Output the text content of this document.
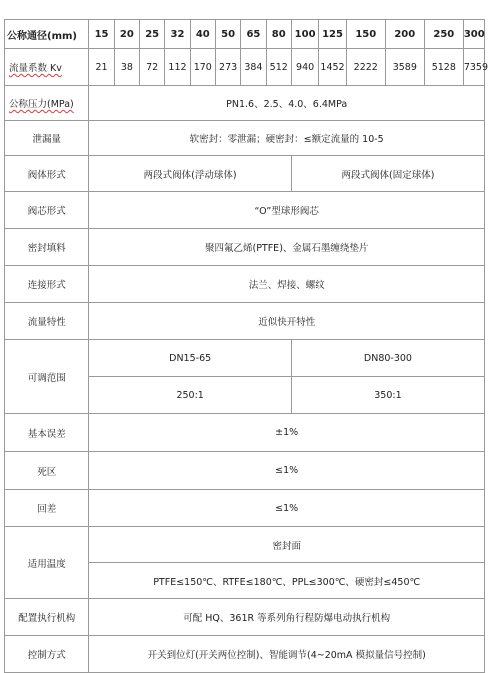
公称通径(mm)	15	20	25	32	40	50	65	80	100	125	150	200	250	300
流量系数 Kv	21	38	72	112	170	273	384	512	940	1452	2222	3589	5128	7359
公称压力(MPa)	PN1.6、2.5、4.0、6.4MPa													
泄漏量	软密封：零泄漏；硬密封：≤额定流量的 10-5													
阀体形式	两段式阀体(浮动球体)								两段式阀体(固定球体)					
阀芯形式	“O”型球形阀芯													
密封填料	聚四氟乙烯(PTFE)、金属石墨缠绕垫片													
连接形式	法兰、焊接、螺纹													
流量特性	近似快开特性													
可调范围	DN15-65								DN80-300					
	250:1								350:1					
基本误差	±1%													
死区	≤1%													
回差	≤1%													
适用温度	密封面													
	PTFE≤150℃、RTFE≤180℃、PPL≤300℃、硬密封≤450℃													
配置执行机构	可配 HQ、361R 等系列角行程防爆电动执行机构													
控制方式	开关到位灯(开关两位控制)、智能调节(4~20mA 模拟量信号控制)													
